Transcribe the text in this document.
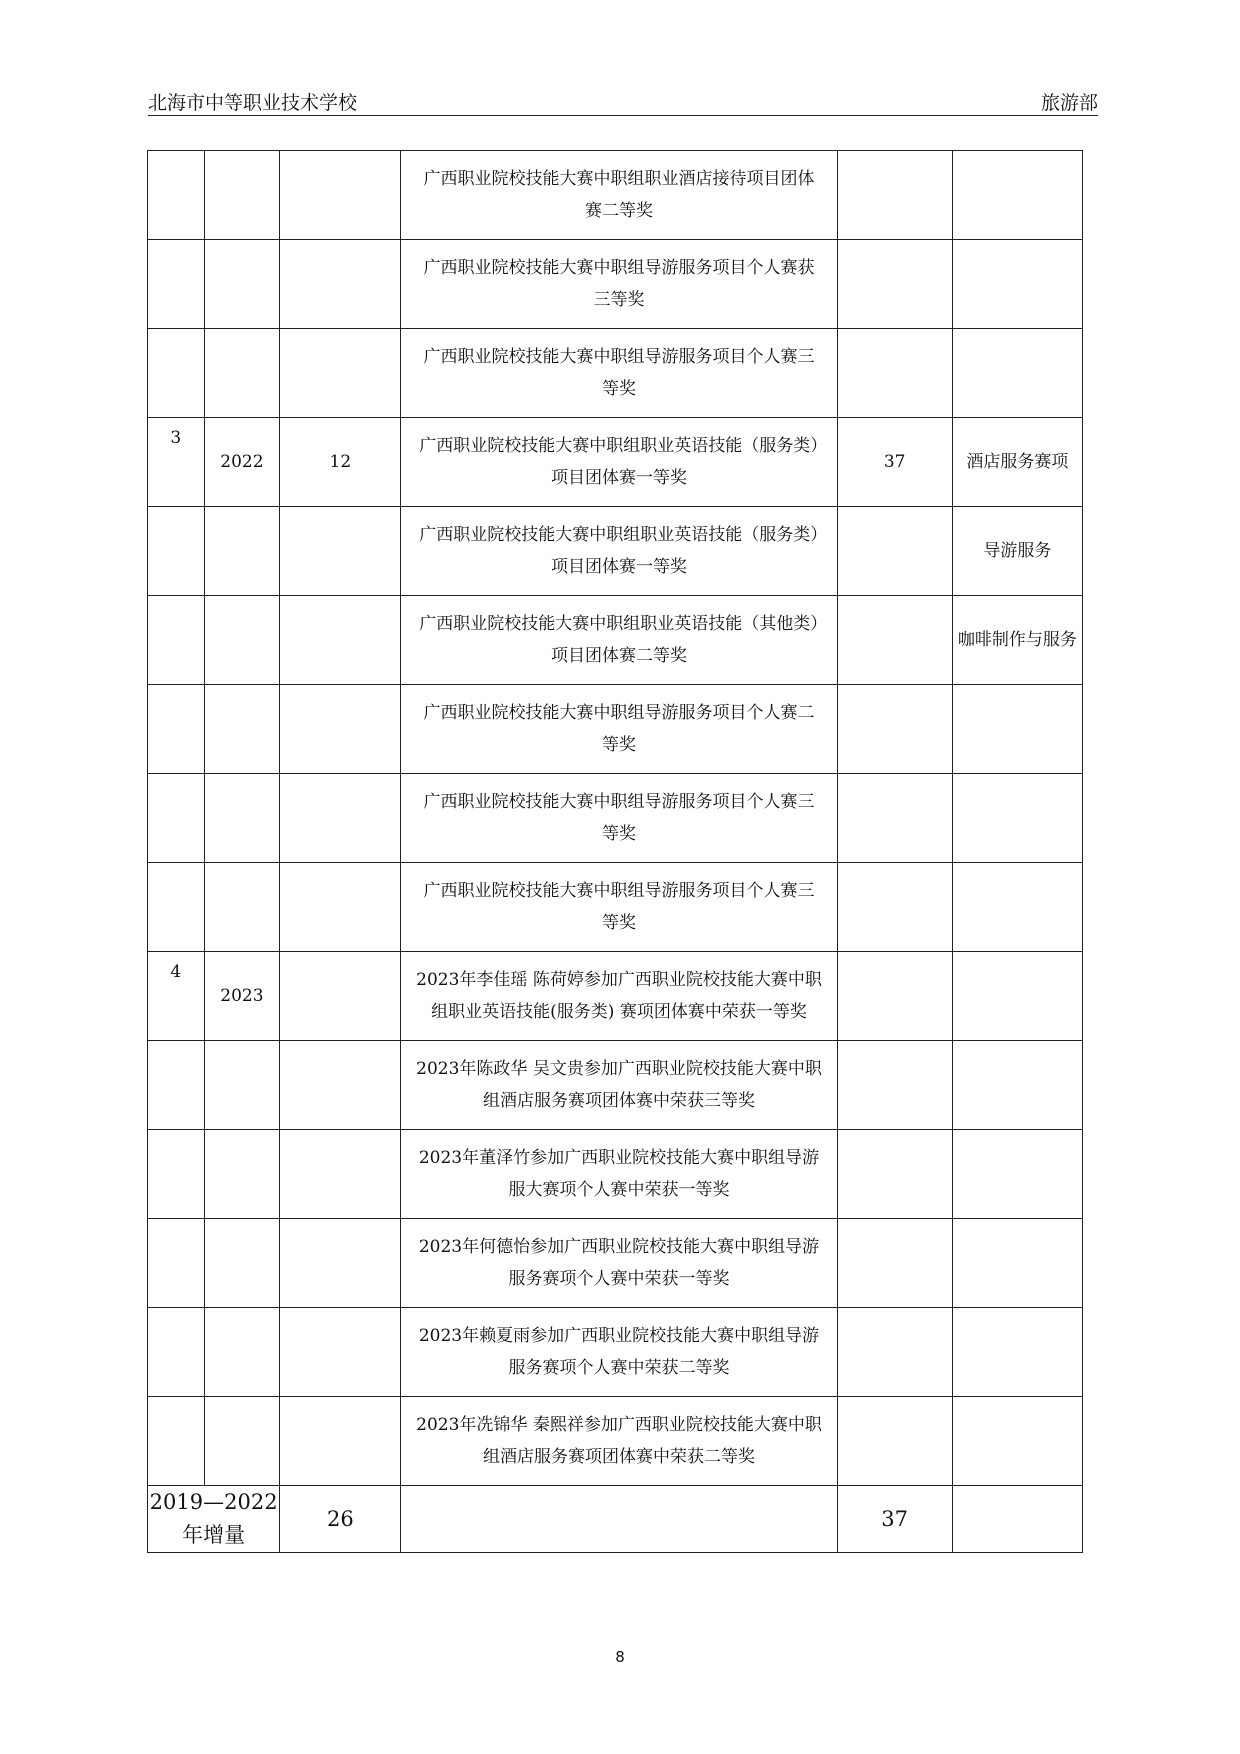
北海市中等职业技术学校	旅游部
			广西职业院校技能大赛中职组职业酒店接待项目团体赛二等奖		

			广西职业院校技能大赛中职组导游服务项目个人赛获三等奖		

			广西职业院校技能大赛中职组导游服务项目个人赛三等奖		

3	2022	12	广西职业院校技能大赛中职组职业英语技能（服务类）项目团体赛一等奖	37	酒店服务赛项

			广西职业院校技能大赛中职组职业英语技能（服务类）项目团体赛一等奖		导游服务

			广西职业院校技能大赛中职组职业英语技能（其他类）项目团体赛二等奖		咖啡制作与服务

			广西职业院校技能大赛中职组导游服务项目个人赛二等奖		

			广西职业院校技能大赛中职组导游服务项目个人赛三等奖		

			广西职业院校技能大赛中职组导游服务项目个人赛三等奖		

4	2023		2023年李佳瑶 陈荷婷参加广西职业院校技能大赛中职组职业英语技能(服务类) 赛项团体赛中荣获一等奖		

			2023年陈政华 吴文贵参加广西职业院校技能大赛中职组酒店服务赛项团体赛中荣获三等奖		

			2023年董泽竹参加广西职业院校技能大赛中职组导游服大赛项个人赛中荣获一等奖		

			2023年何德怡参加广西职业院校技能大赛中职组导游服务赛项个人赛中荣获一等奖		

			2023年赖夏雨参加广西职业院校技能大赛中职组导游服务赛项个人赛中荣获二等奖		

			2023年冼锦华 秦熙祥参加广西职业院校技能大赛中职组酒店服务赛项团体赛中荣获二等奖		
2019—2022年增量		26		37	
8
